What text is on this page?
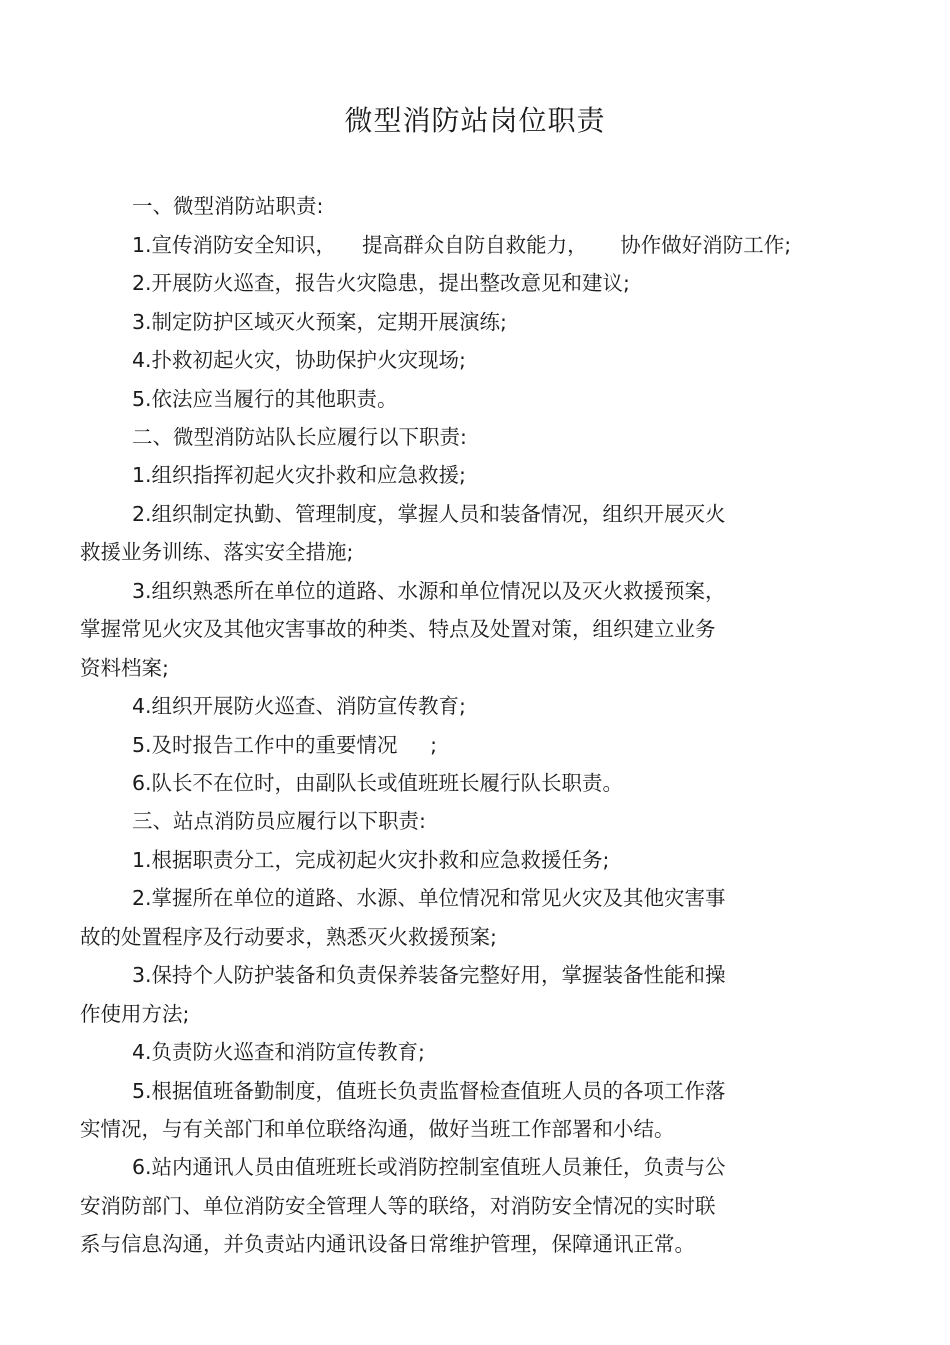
微型消防站岗位职责
一、微型消防站职责:
1.宣传消防安全知识，    提高群众自防自救能力，     协作做好消防工作;
2.开展防火巡查，报告火灾隐患，提出整改意见和建议;
3.制定防护区域灭火预案，定期开展演练;
4.扑救初起火灾，协助保护火灾现场;
5.依法应当履行的其他职责。
二、微型消防站队长应履行以下职责:
1.组织指挥初起火灾扑救和应急救援;
2.组织制定执勤、管理制度，掌握人员和装备情况，组织开展灭火
救援业务训练、落实安全措施;
3.组织熟悉所在单位的道路、水源和单位情况以及灭火救援预案，
掌握常见火灾及其他灾害事故的种类、特点及处置对策，组织建立业务
资料档案;
4.组织开展防火巡查、消防宣传教育;
5.及时报告工作中的重要情况     ;
6.队长不在位时，由副队长或值班班长履行队长职责。
三、站点消防员应履行以下职责:
1.根据职责分工，完成初起火灾扑救和应急救援任务;
2.掌握所在单位的道路、水源、单位情况和常见火灾及其他灾害事
故的处置程序及行动要求，熟悉灭火救援预案;
3.保持个人防护装备和负责保养装备完整好用，掌握装备性能和操
作使用方法;
4.负责防火巡查和消防宣传教育;
5.根据值班备勤制度，值班长负责监督检查值班人员的各项工作落
实情况，与有关部门和单位联络沟通，做好当班工作部署和小结。
6.站内通讯人员由值班班长或消防控制室值班人员兼任，负责与公
安消防部门、单位消防安全管理人等的联络，对消防安全情况的实时联
系与信息沟通，并负责站内通讯设备日常维护管理，保障通讯正常。
